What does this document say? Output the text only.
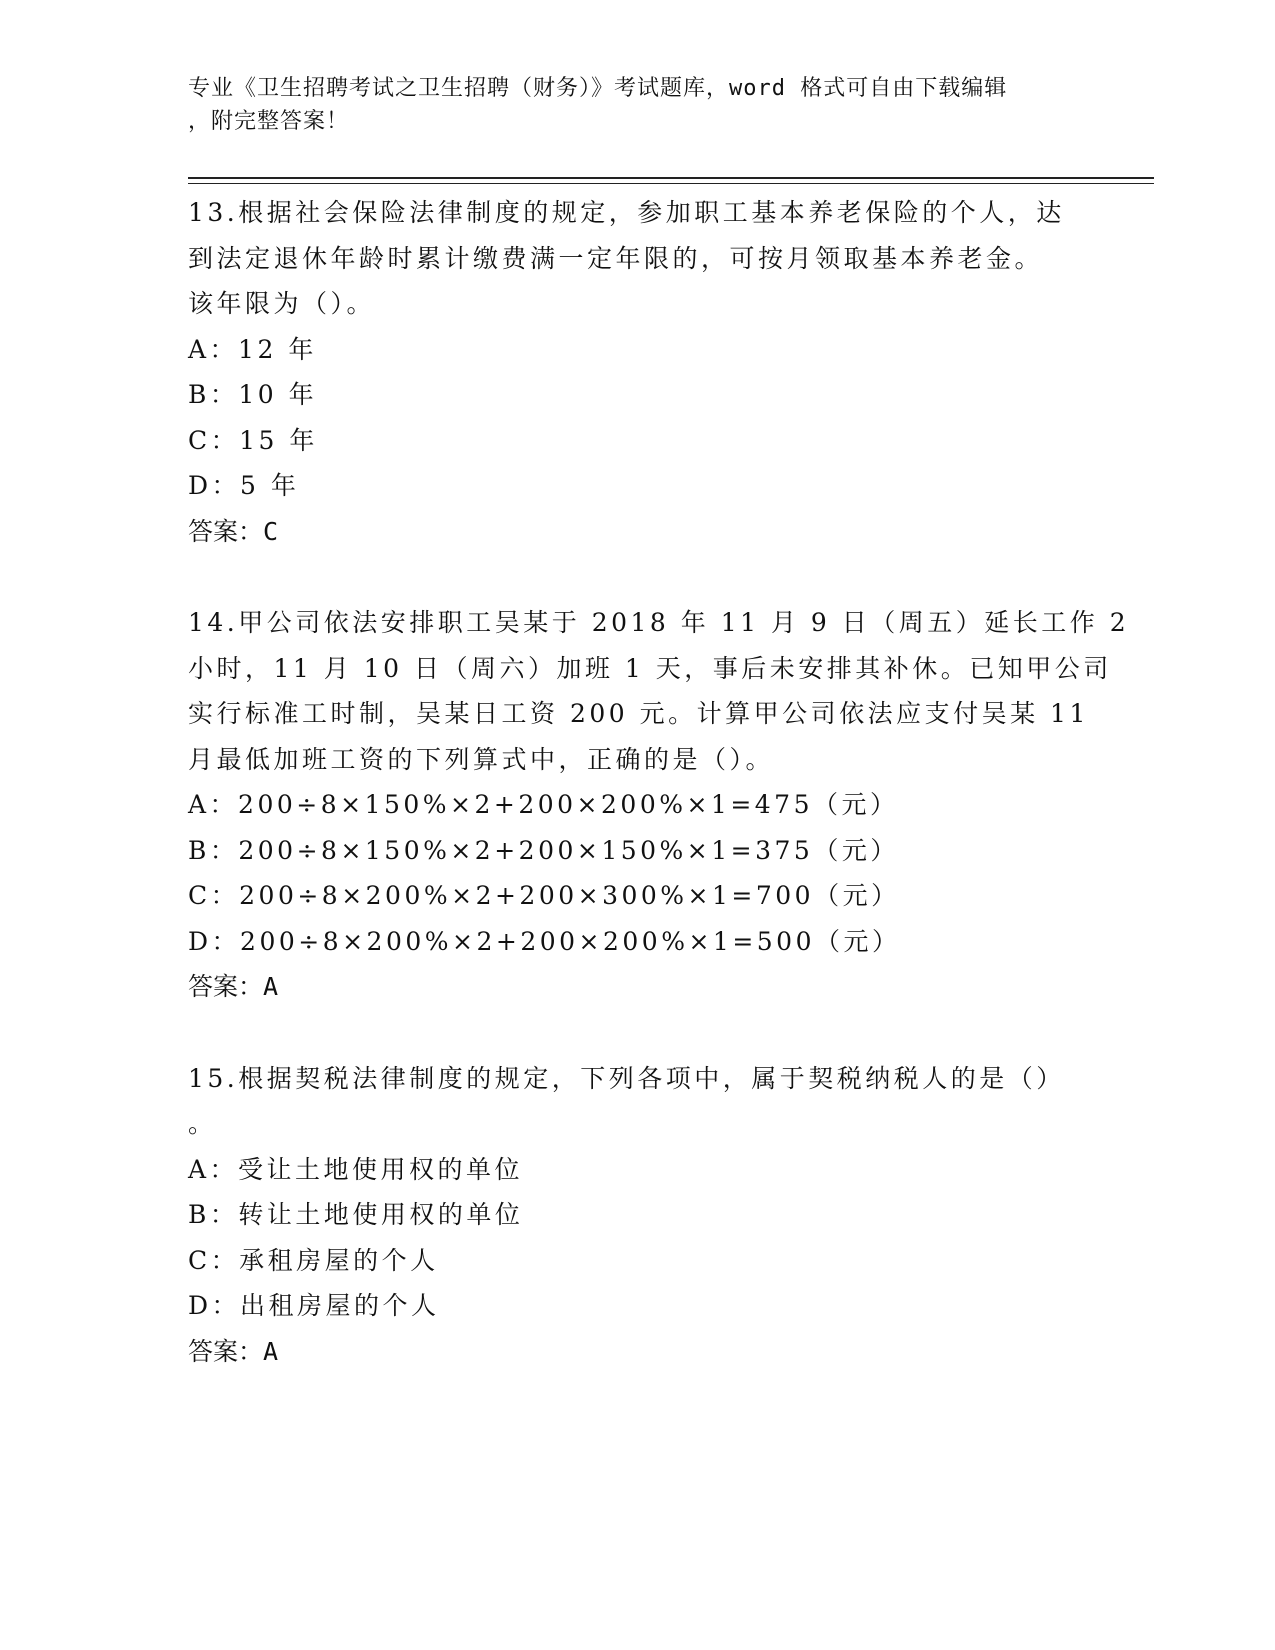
专业《卫生招聘考试之卫生招聘（财务）》考试题库，word 格式可自由下载编辑
，附完整答案！
13.根据社会保险法律制度的规定，参加职工基本养老保险的个人，达
到法定退休年龄时累计缴费满一定年限的，可按月领取基本养老金。
该年限为（）。
A：12 年
B：10 年
C：15 年
D：5 年
答案：C
14.甲公司依法安排职工吴某于 2018 年 11 月 9 日（周五）延长工作 2
小时，11 月 10 日（周六）加班 1 天，事后未安排其补休。已知甲公司
实行标准工时制，吴某日工资 200 元。计算甲公司依法应支付吴某 11
月最低加班工资的下列算式中，正确的是（）。
A：200÷8×150%×2+200×200%×1=475（元）
B：200÷8×150%×2+200×150%×1=375（元）
C：200÷8×200%×2+200×300%×1=700（元）
D：200÷8×200%×2+200×200%×1=500（元）
答案：A
15.根据契税法律制度的规定，下列各项中，属于契税纳税人的是（）
。
A：受让土地使用权的单位
B：转让土地使用权的单位
C：承租房屋的个人
D：出租房屋的个人
答案：A
